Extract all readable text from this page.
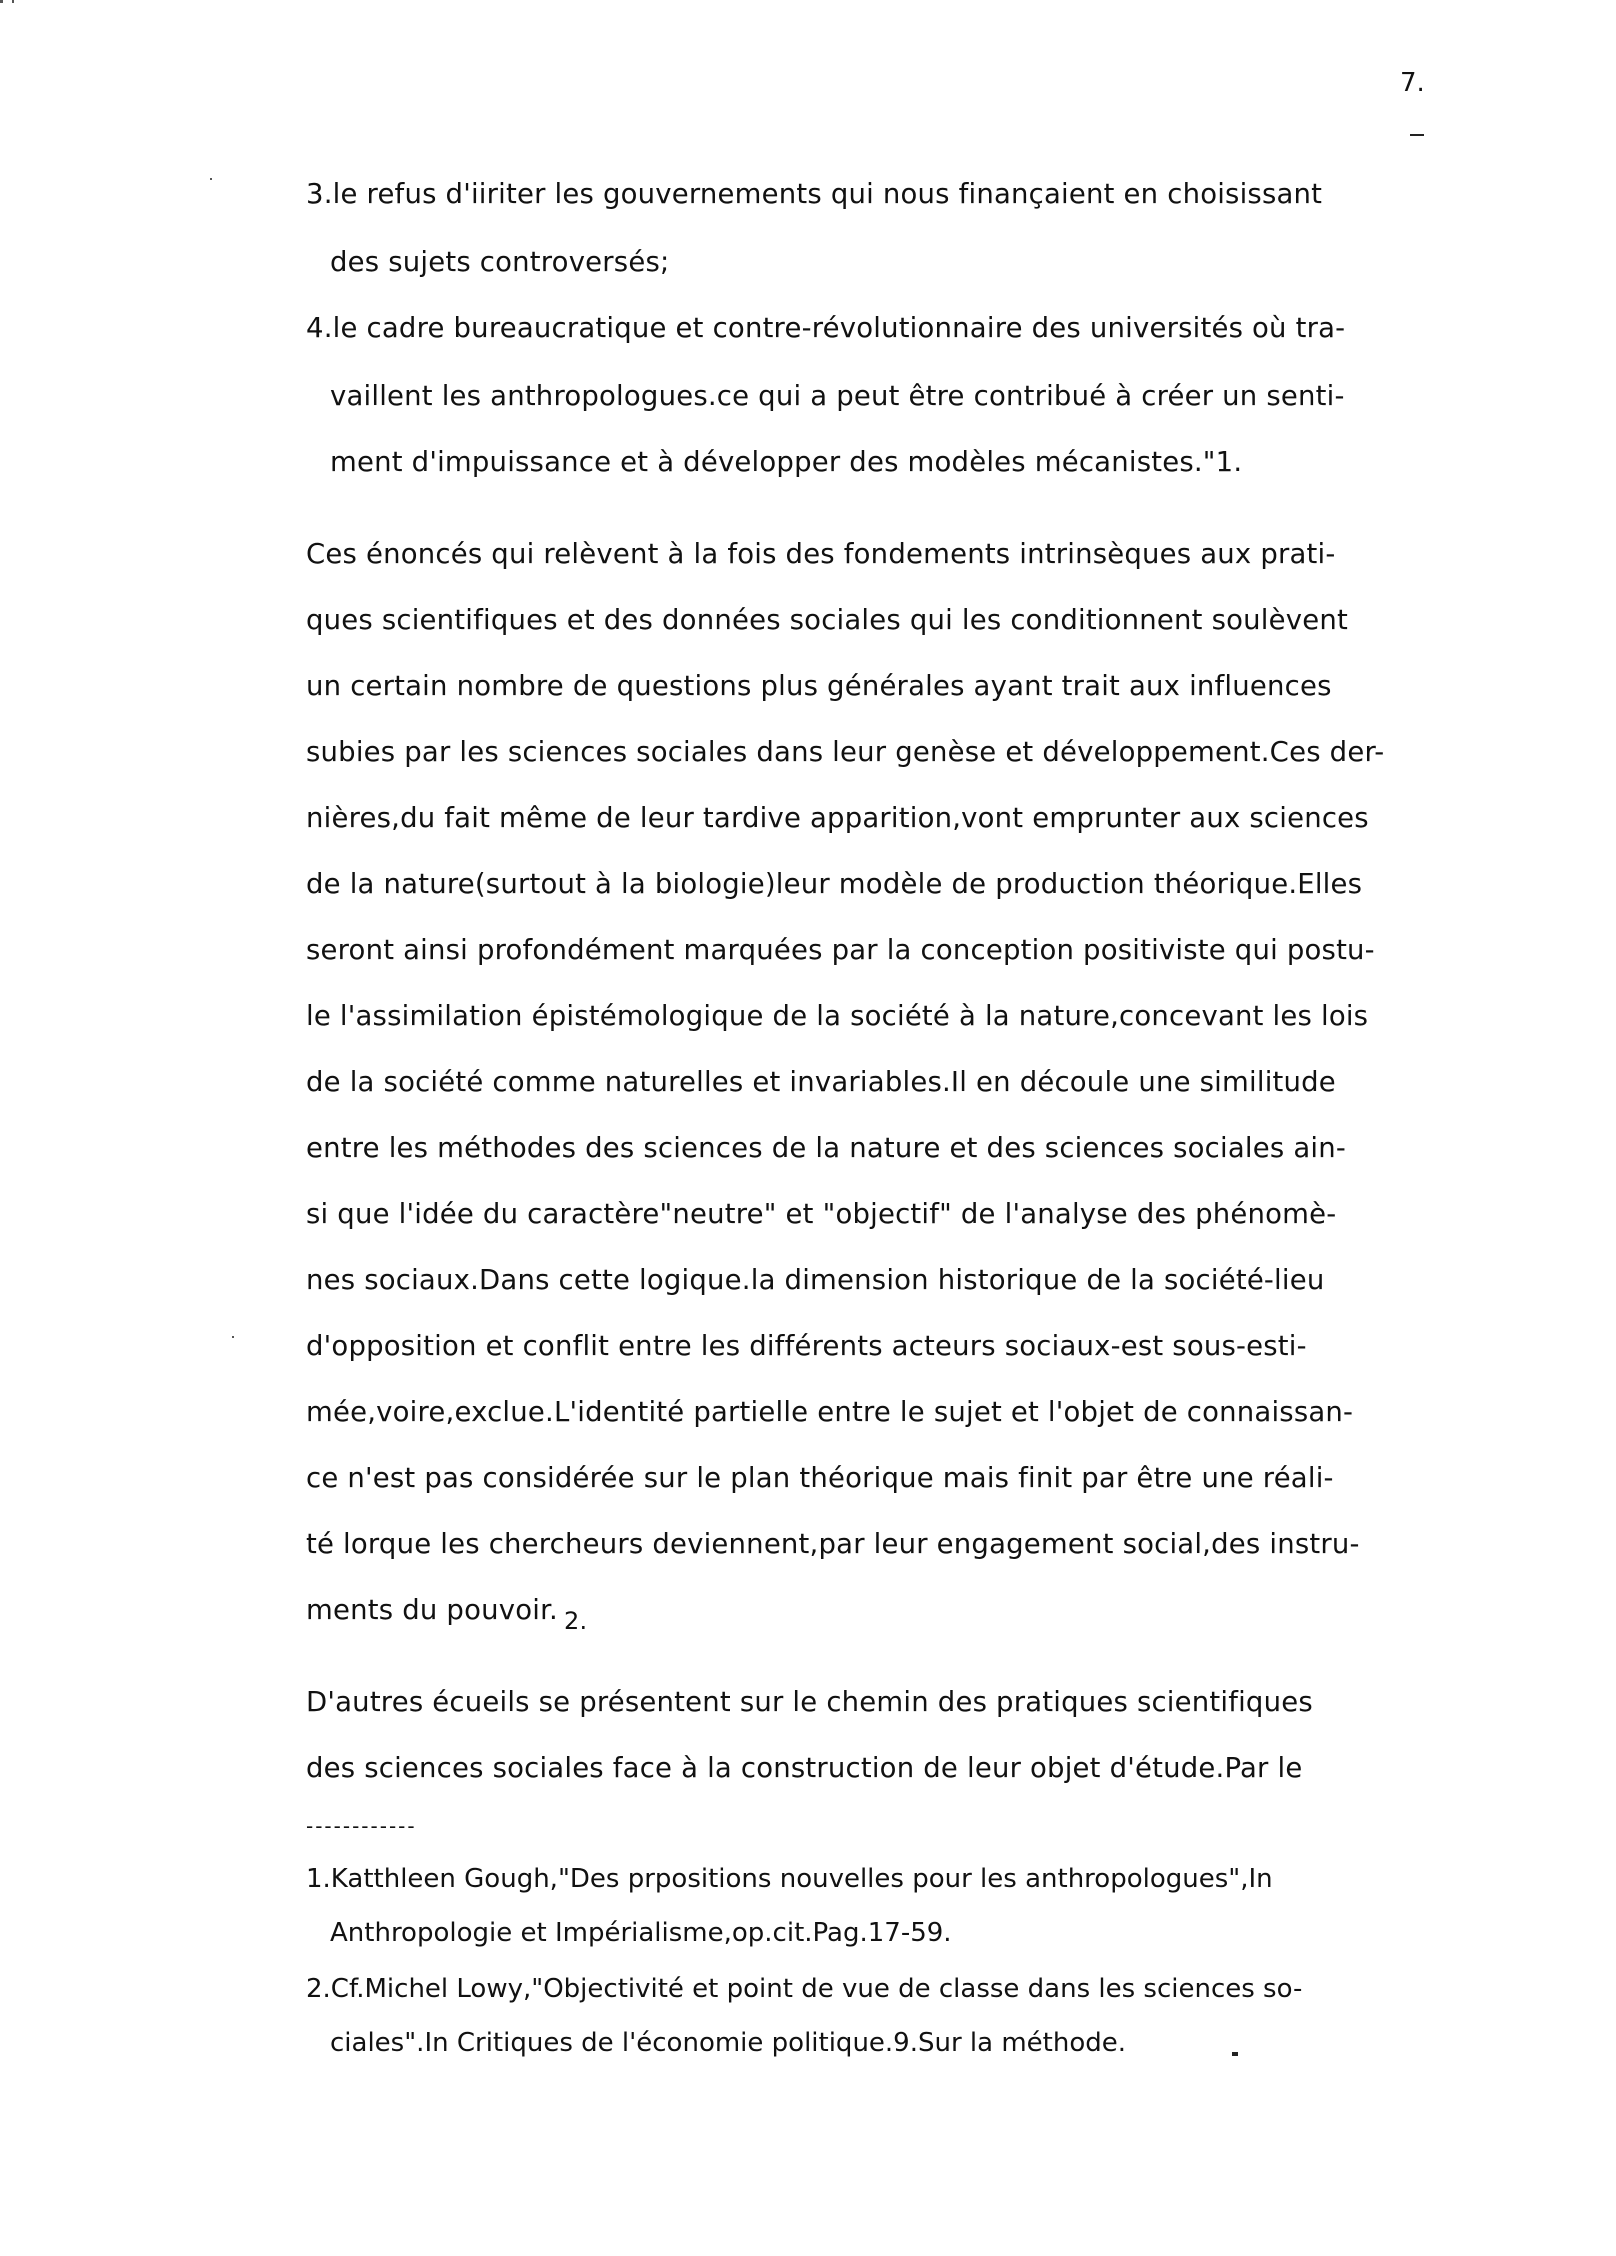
7.
3.le refus d'iiriter les gouvernements qui nous finançaient en choisissant
des sujets controversés;
4.le cadre bureaucratique et contre-révolutionnaire des universités où tra-
vaillent les anthropologues.ce qui a peut être contribué à créer un senti-
ment d'impuissance et à développer des modèles mécanistes."1.
Ces énoncés qui relèvent à la fois des fondements intrinsèques aux prati-
ques scientifiques et des données sociales qui les conditionnent soulèvent
un certain nombre de questions plus générales ayant trait aux influences
subies par les sciences sociales dans leur genèse et développement.Ces der-
nières,du fait même de leur tardive apparition,vont emprunter aux sciences
de la nature(surtout à la biologie)leur modèle de production théorique.Elles
seront ainsi profondément marquées par la conception positiviste qui postu-
le l'assimilation épistémologique de la société à la nature,concevant les lois
de la société comme naturelles et invariables.Il en découle une similitude
entre les méthodes des sciences de la nature et des sciences sociales ain-
si que l'idée du caractère"neutre" et "objectif" de l'analyse des phénomè-
nes sociaux.Dans cette logique.la dimension historique de la société-lieu
d'opposition et conflit entre les différents acteurs sociaux-est sous-esti-
mée,voire,exclue.L'identité partielle entre le sujet et l'objet de connaissan-
ce n'est pas considérée sur le plan théorique mais finit par être une réali-
té lorque les chercheurs deviennent,par leur engagement social,des instru-
ments du pouvoir. 2.
D'autres écueils se présentent sur le chemin des pratiques scientifiques
des sciences sociales face à la construction de leur objet d'étude.Par le
------------
1.Katthleen Gough,"Des prpositions nouvelles pour les anthropologues",In
Anthropologie et Impérialisme,op.cit.Pag.17-59.
2.Cf.Michel Lowy,"Objectivité et point de vue de classe dans les sciences so-
ciales".In Critiques de l'économie politique.9.Sur la méthode.
